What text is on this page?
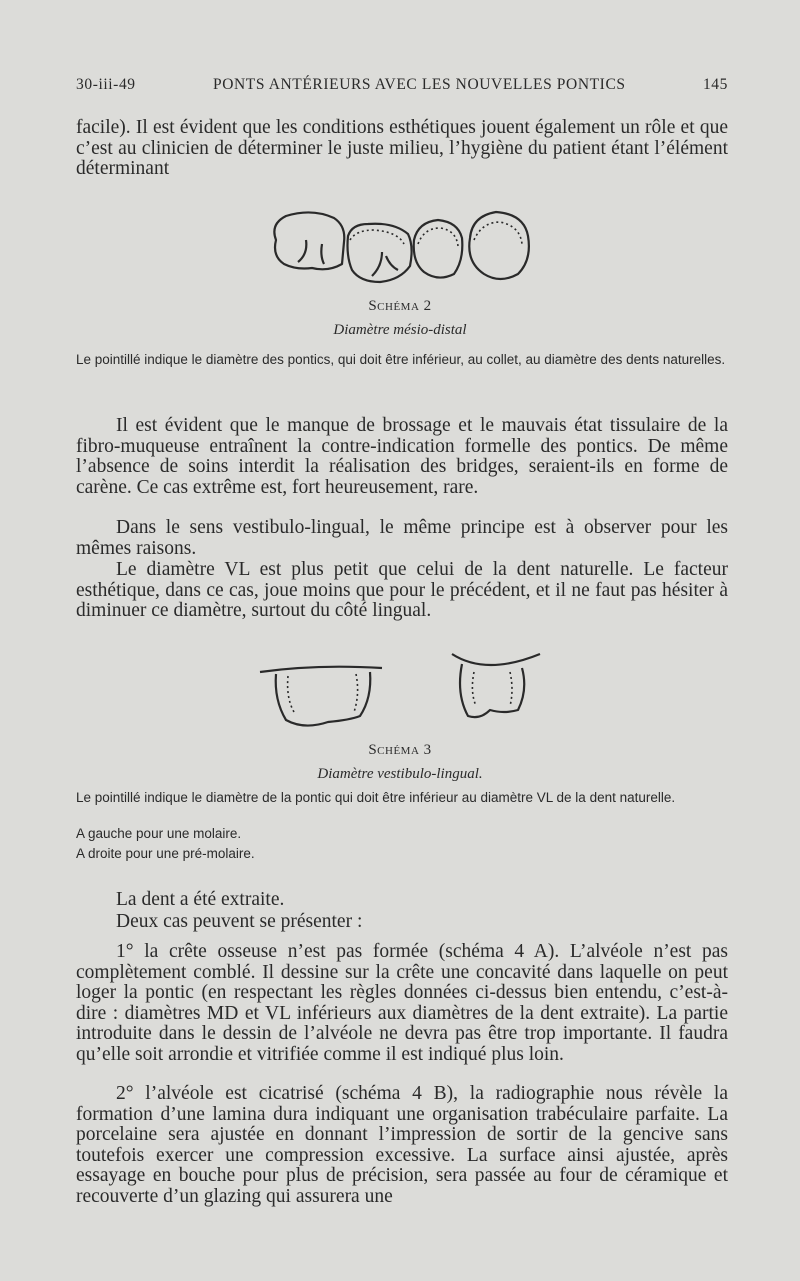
30-iii-49	PONTS ANTÉRIEURS AVEC LES NOUVELLES PONTICS	145

facile). Il est évident que les conditions esthétiques jouent également un rôle et que c’est au clinicien de déterminer le juste milieu, l’hygiène du patient étant l’élément déterminant

Schéma 2
Diamètre mésio-distal

Le pointillé indique le diamètre des pontics, qui doit être inférieur, au collet, au diamètre des dents naturelles.

Il est évident que le manque de brossage et le mauvais état tissulaire de la fibro-muqueuse entraînent la contre-indication formelle des pontics. De même l’absence de soins interdit la réalisation des bridges, seraient-ils en forme de carène. Ce cas extrême est, fort heureusement, rare.

Dans le sens vestibulo-lingual, le même principe est à observer pour les mêmes raisons.

Le diamètre VL est plus petit que celui de la dent naturelle. Le facteur esthétique, dans ce cas, joue moins que pour le précédent, et il ne faut pas hésiter à diminuer ce diamètre, surtout du côté lingual.

Schéma 3
Diamètre vestibulo-lingual.

Le pointillé indique le diamètre de la pontic qui doit être inférieur au diamètre VL de la dent naturelle.

A gauche pour une molaire.

A droite pour une pré-molaire.

La dent a été extraite.

Deux cas peuvent se présenter :

1° la crête osseuse n’est pas formée (schéma 4 A). L’alvéole n’est pas complètement comblé. Il dessine sur la crête une concavité dans laquelle on peut loger la pontic (en respectant les règles données ci-dessus bien entendu, c’est-à-dire : diamètres MD et VL inférieurs aux diamètres de la dent extraite). La partie introduite dans le dessin de l’alvéole ne devra pas être trop importante. Il faudra qu’elle soit arrondie et vitrifiée comme il est indiqué plus loin.

2° l’alvéole est cicatrisé (schéma 4 B), la radiographie nous révèle la formation d’une lamina dura indiquant une organisation trabéculaire parfaite. La porcelaine sera ajustée en donnant l’impression de sortir de la gencive sans toutefois exercer une compression excessive. La surface ainsi ajustée, après essayage en bouche pour plus de précision, sera passée au four de céramique et recouverte d’un glazing qui assurera une
